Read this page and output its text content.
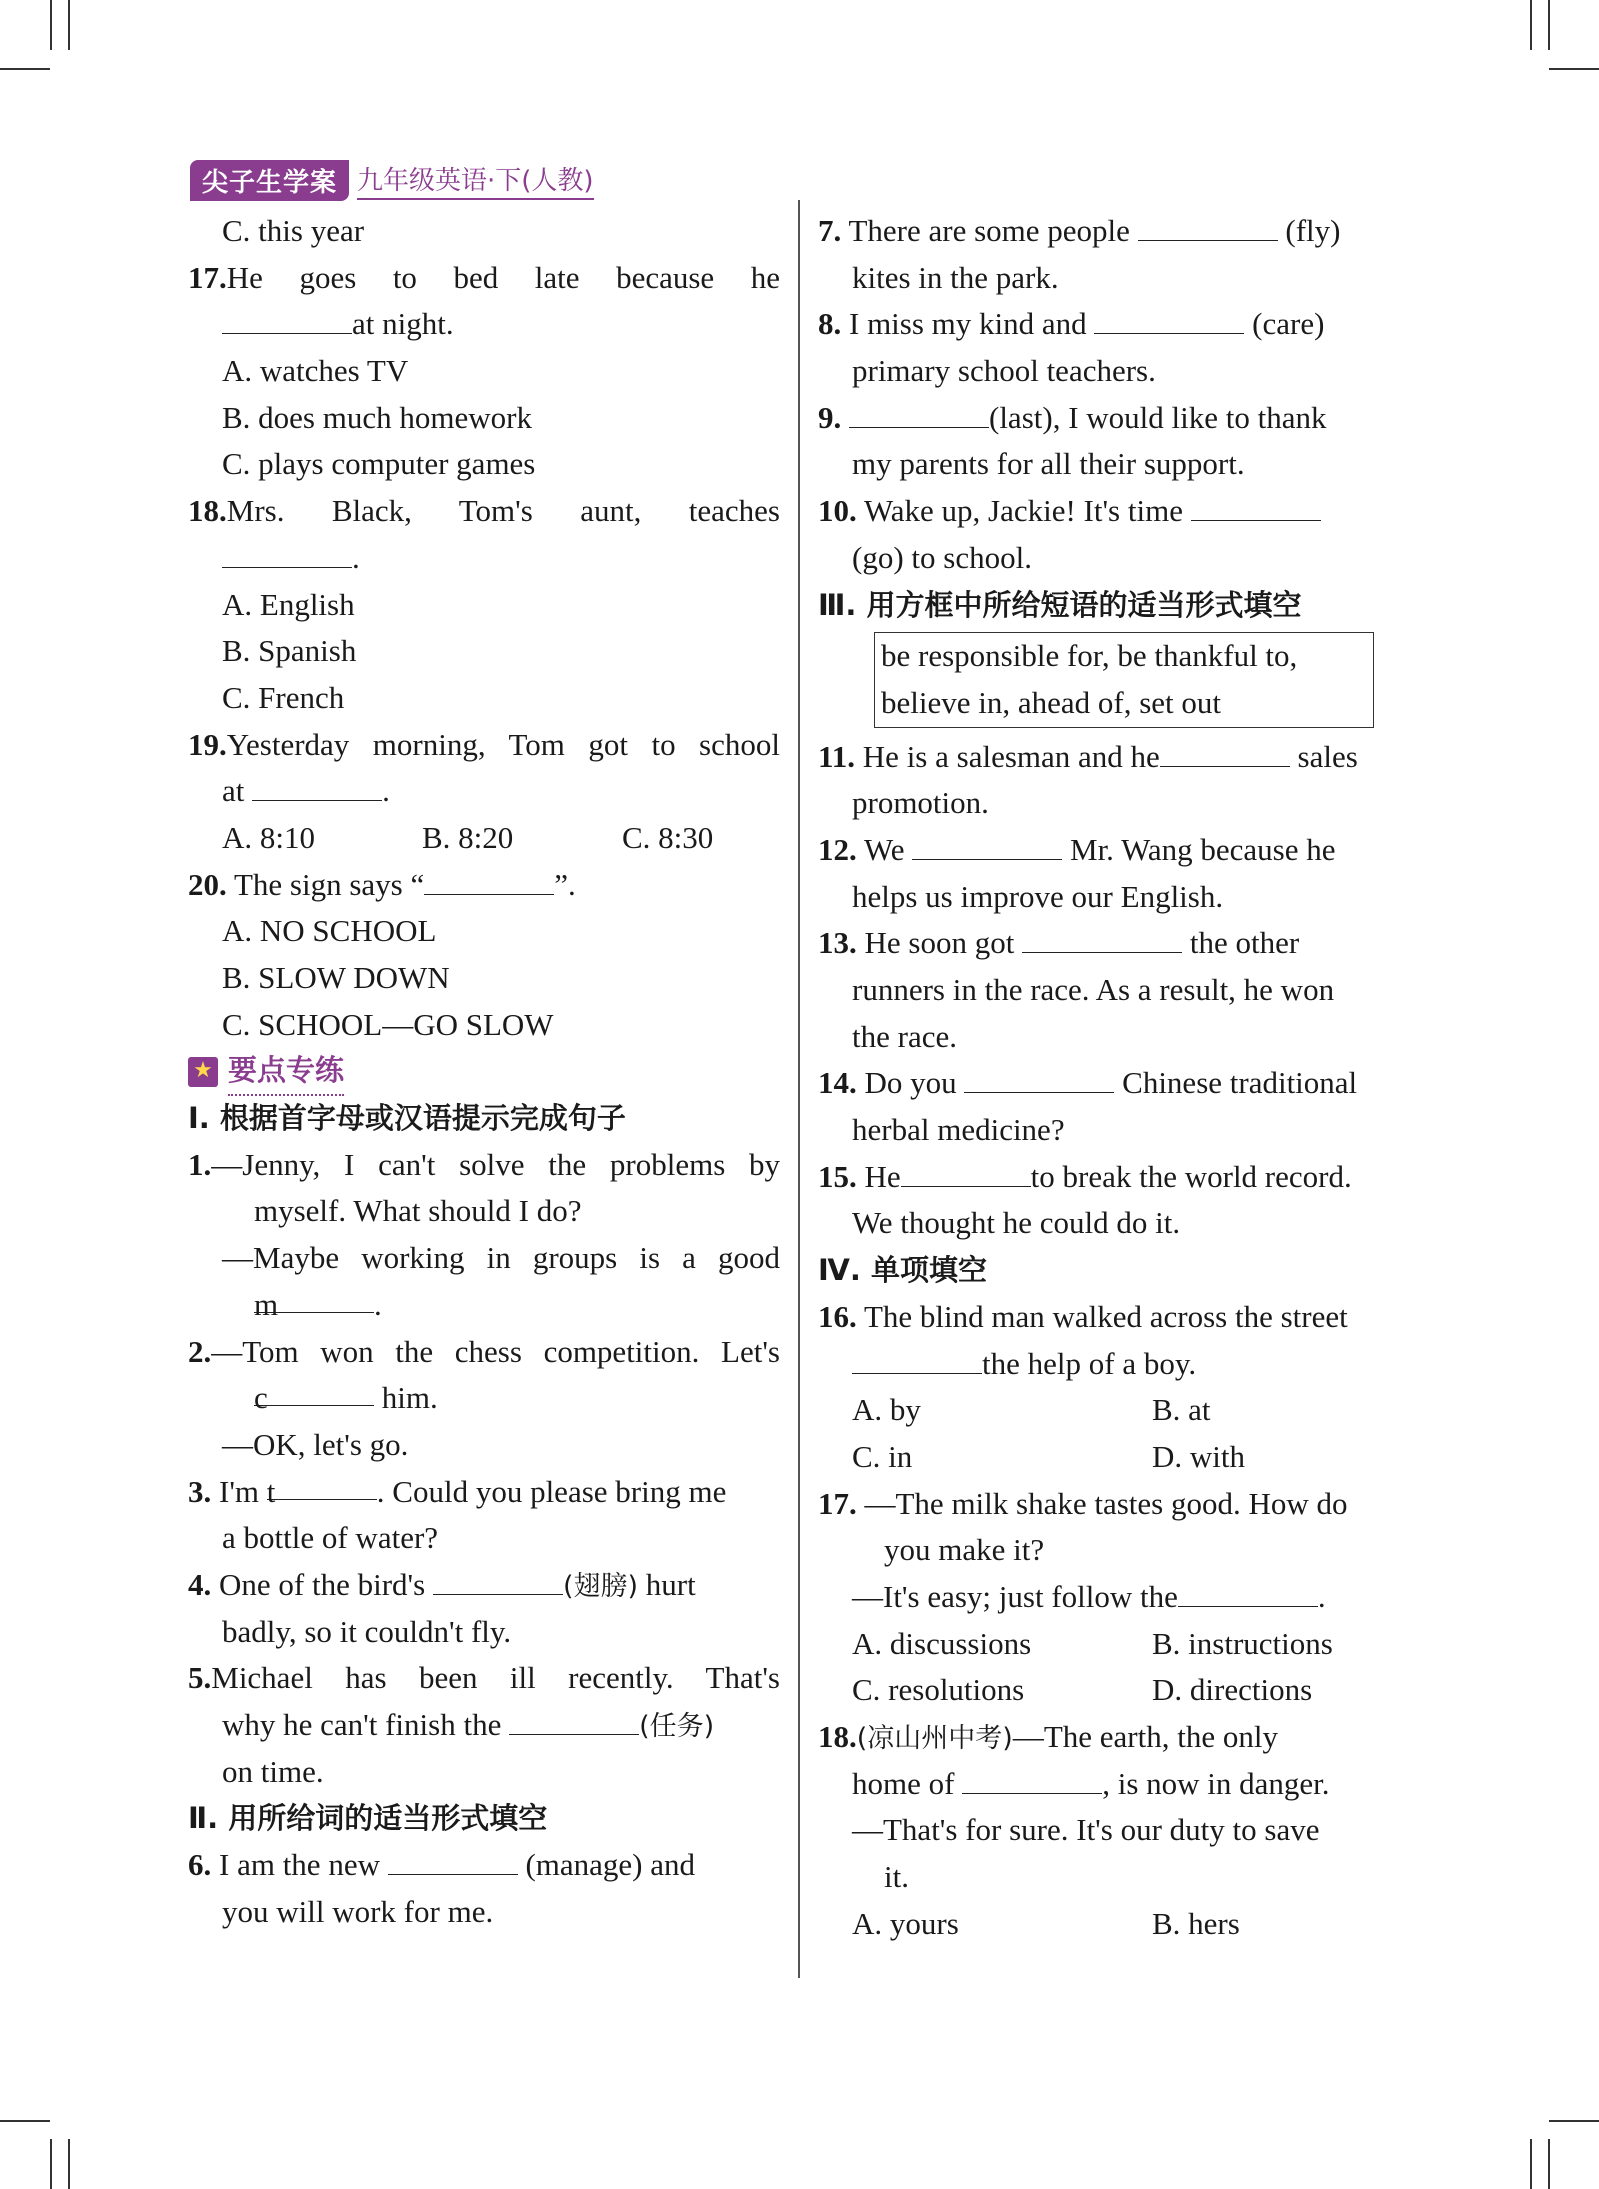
尖子生学案 九年级英语·下(人教)
C. this year
17.He goes to bed late because he
at night.
A. watches TV
B. does much homework
C. plays computer games
18.Mrs. Black, Tom's aunt, teaches
.
A. English
B. Spanish
C. French
19.Yesterday morning, Tom got to school
at	.
A. 8:10	B. 8:20	C. 8:30
20. The sign says “	”.
A. NO SCHOOL
B. SLOW DOWN
C. SCHOOL—GO SLOW
★ 要点专练
Ⅰ. 根据首字母或汉语提示完成句子
1.—Jenny, I can't solve the problems by
myself. What should I do?
—Maybe working in groups is a good
m	.
2.—Tom won the chess competition. Let's
c	him.
—OK, let's go.
3. I'm t	. Could you please bring me
a bottle of water?
4. One of the bird's	(翅膀) hurt
badly, so it couldn't fly.
5.Michael has been ill recently. That's
why he can't finish the	(任务)
on time.
Ⅱ. 用所给词的适当形式填空
6. I am the new	(manage) and
you will work for me.
7. There are some people	(fly)
kites in the park.
8. I miss my kind and	(care)
primary school teachers.
9.	(last), I would like to thank
my parents for all their support.
10. Wake up, Jackie! It's time
(go) to school.
Ⅲ. 用方框中所给短语的适当形式填空
be responsible for, be thankful to,
believe in, ahead of, set out
11. He is a salesman and he	sales
promotion.
12. We	Mr. Wang because he
helps us improve our English.
13. He soon got	the other
runners in the race. As a result, he won
the race.
14. Do you	Chinese traditional
herbal medicine?
15. He	to break the world record.
We thought he could do it.
Ⅳ. 单项填空
16. The blind man walked across the street
the help of a boy.
A. by	B. at
C. in	D. with
17. —The milk shake tastes good. How do
you make it?
—It's easy; just follow the	.
A. discussions	B. instructions
C. resolutions	D. directions
18.(凉山州中考)—The earth, the only
home of	, is now in danger.
—That's for sure. It's our duty to save
it.
A. yours	B. hers
